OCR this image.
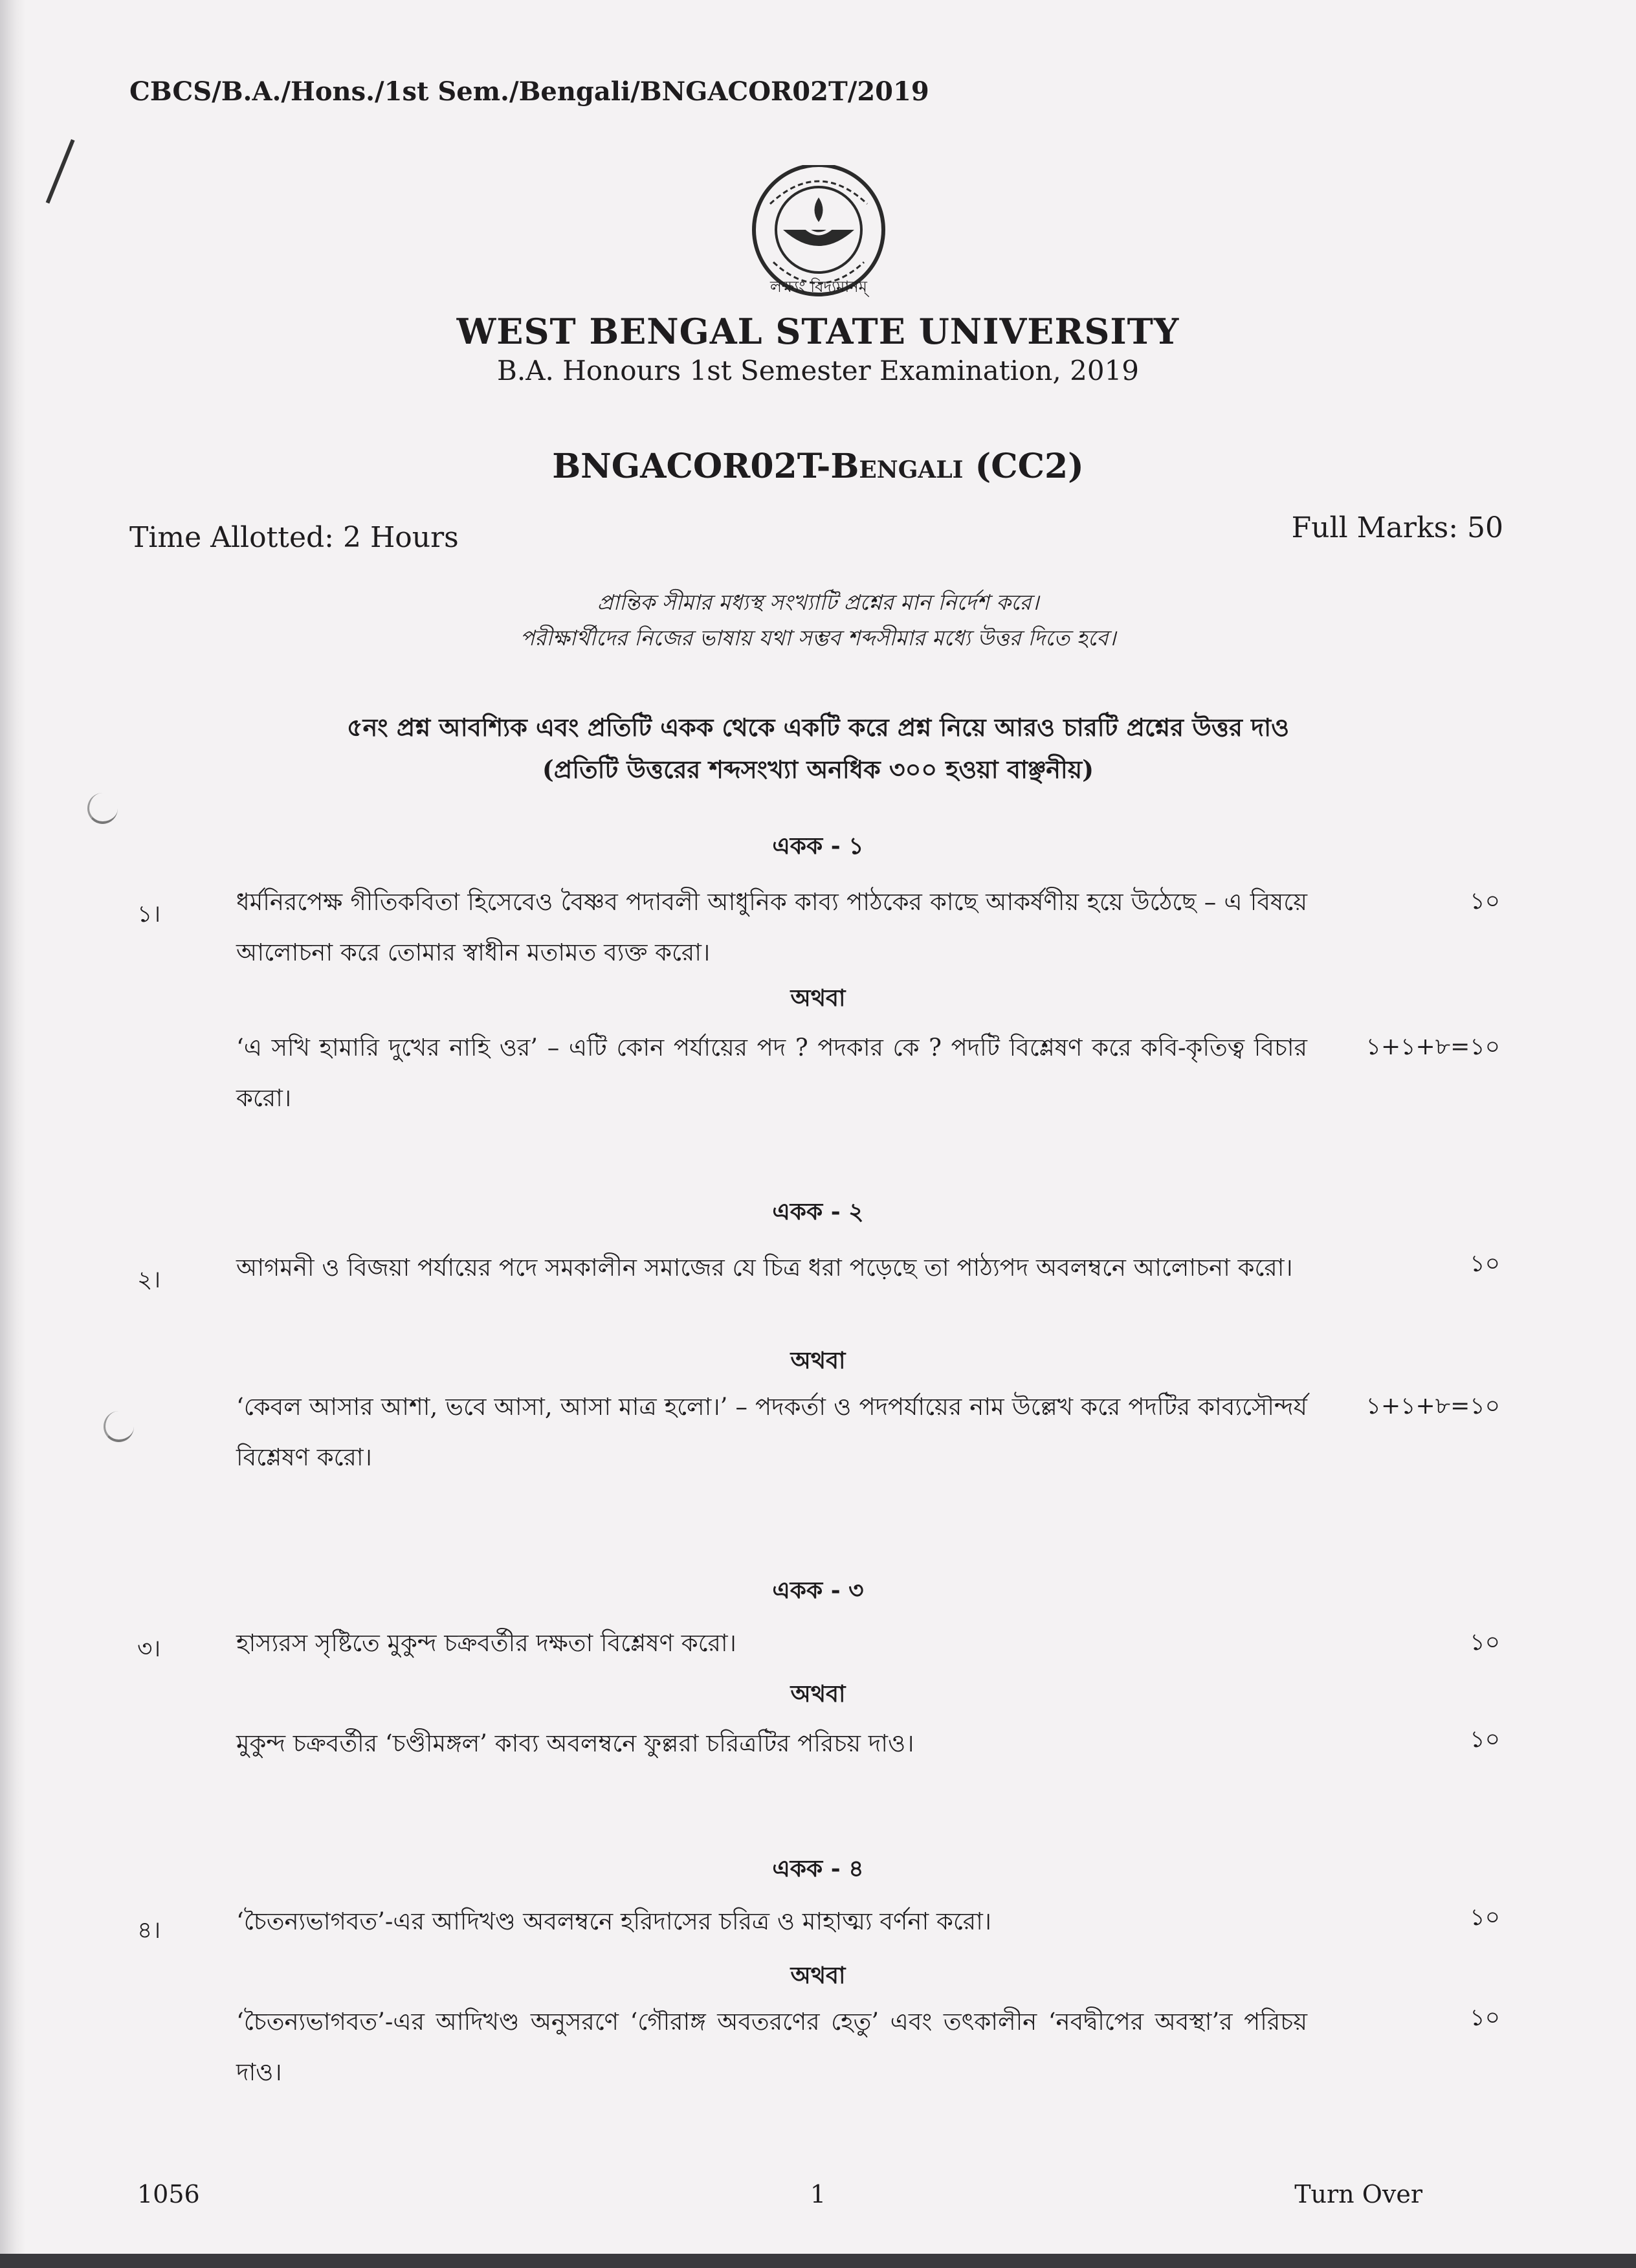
CBCS/B.A./Hons./1st Sem./Bengali/BNGACOR02T/2019
লক্ষ্যং বিদ্যমানম্
WEST BENGAL STATE UNIVERSITY
B.A. Honours 1st Semester Examination, 2019
BNGACOR02T-Bengali (CC2)
Time Allotted: 2 Hours	Full Marks: 50
প্রান্তিক সীমার মধ্যস্থ সংখ্যাটি প্রশ্নের মান নির্দেশ করে।
পরীক্ষার্থীদের নিজের ভাষায় যথা সম্ভব শব্দসীমার মধ্যে উত্তর দিতে হবে।
৫নং প্রশ্ন আবশ্যিক এবং প্রতিটি একক থেকে একটি করে প্রশ্ন নিয়ে আরও চারটি প্রশ্নের উত্তর দাও
(প্রতিটি উত্তরের শব্দসংখ্যা অনধিক ৩০০ হওয়া বাঞ্ছনীয়)
একক - ১
১।	ধর্মনিরপেক্ষ গীতিকবিতা হিসেবেও বৈষ্ণব পদাবলী আধুনিক কাব্য পাঠকের কাছে আকর্ষণীয় হয়ে উঠেছে – এ বিষয়ে আলোচনা করে তোমার স্বাধীন মতামত ব্যক্ত করো।
১০
অথবা
‘এ সখি হামারি দুখের নাহি ওর’ – এটি কোন পর্যায়ের পদ ? পদকার কে ? পদটি বিশ্লেষণ করে কবি-কৃতিত্ব বিচার করো।
১+১+৮=১০
একক - ২
২।	আগমনী ও বিজয়া পর্যায়ের পদে সমকালীন সমাজের যে চিত্র ধরা পড়েছে তা পাঠ্যপদ অবলম্বনে আলোচনা করো।	১০
অথবা
‘কেবল আসার আশা, ভবে আসা, আসা মাত্র হলো।’ – পদকর্তা ও পদপর্যায়ের নাম উল্লেখ করে পদটির কাব্যসৌন্দর্য বিশ্লেষণ করো।
১+১+৮=১০
একক - ৩
৩।	হাস্যরস সৃষ্টিতে মুকুন্দ চক্রবর্তীর দক্ষতা বিশ্লেষণ করো।	১০
অথবা
মুকুন্দ চক্রবর্তীর ‘চণ্ডীমঙ্গল’ কাব্য অবলম্বনে ফুল্লরা চরিত্রটির পরিচয় দাও।	১০
একক - ৪
৪।	‘চৈতন্যভাগবত’-এর আদিখণ্ড অবলম্বনে হরিদাসের চরিত্র ও মাহাত্ম্য বর্ণনা করো।	১০
অথবা
‘চৈতন্যভাগবত’-এর আদিখণ্ড অনুসরণে ‘গৌরাঙ্গ অবতরণের হেতু’ এবং তৎকালীন ‘নবদ্বীপের অবস্থা’র পরিচয় দাও।
১০
1056	1	Turn Over
